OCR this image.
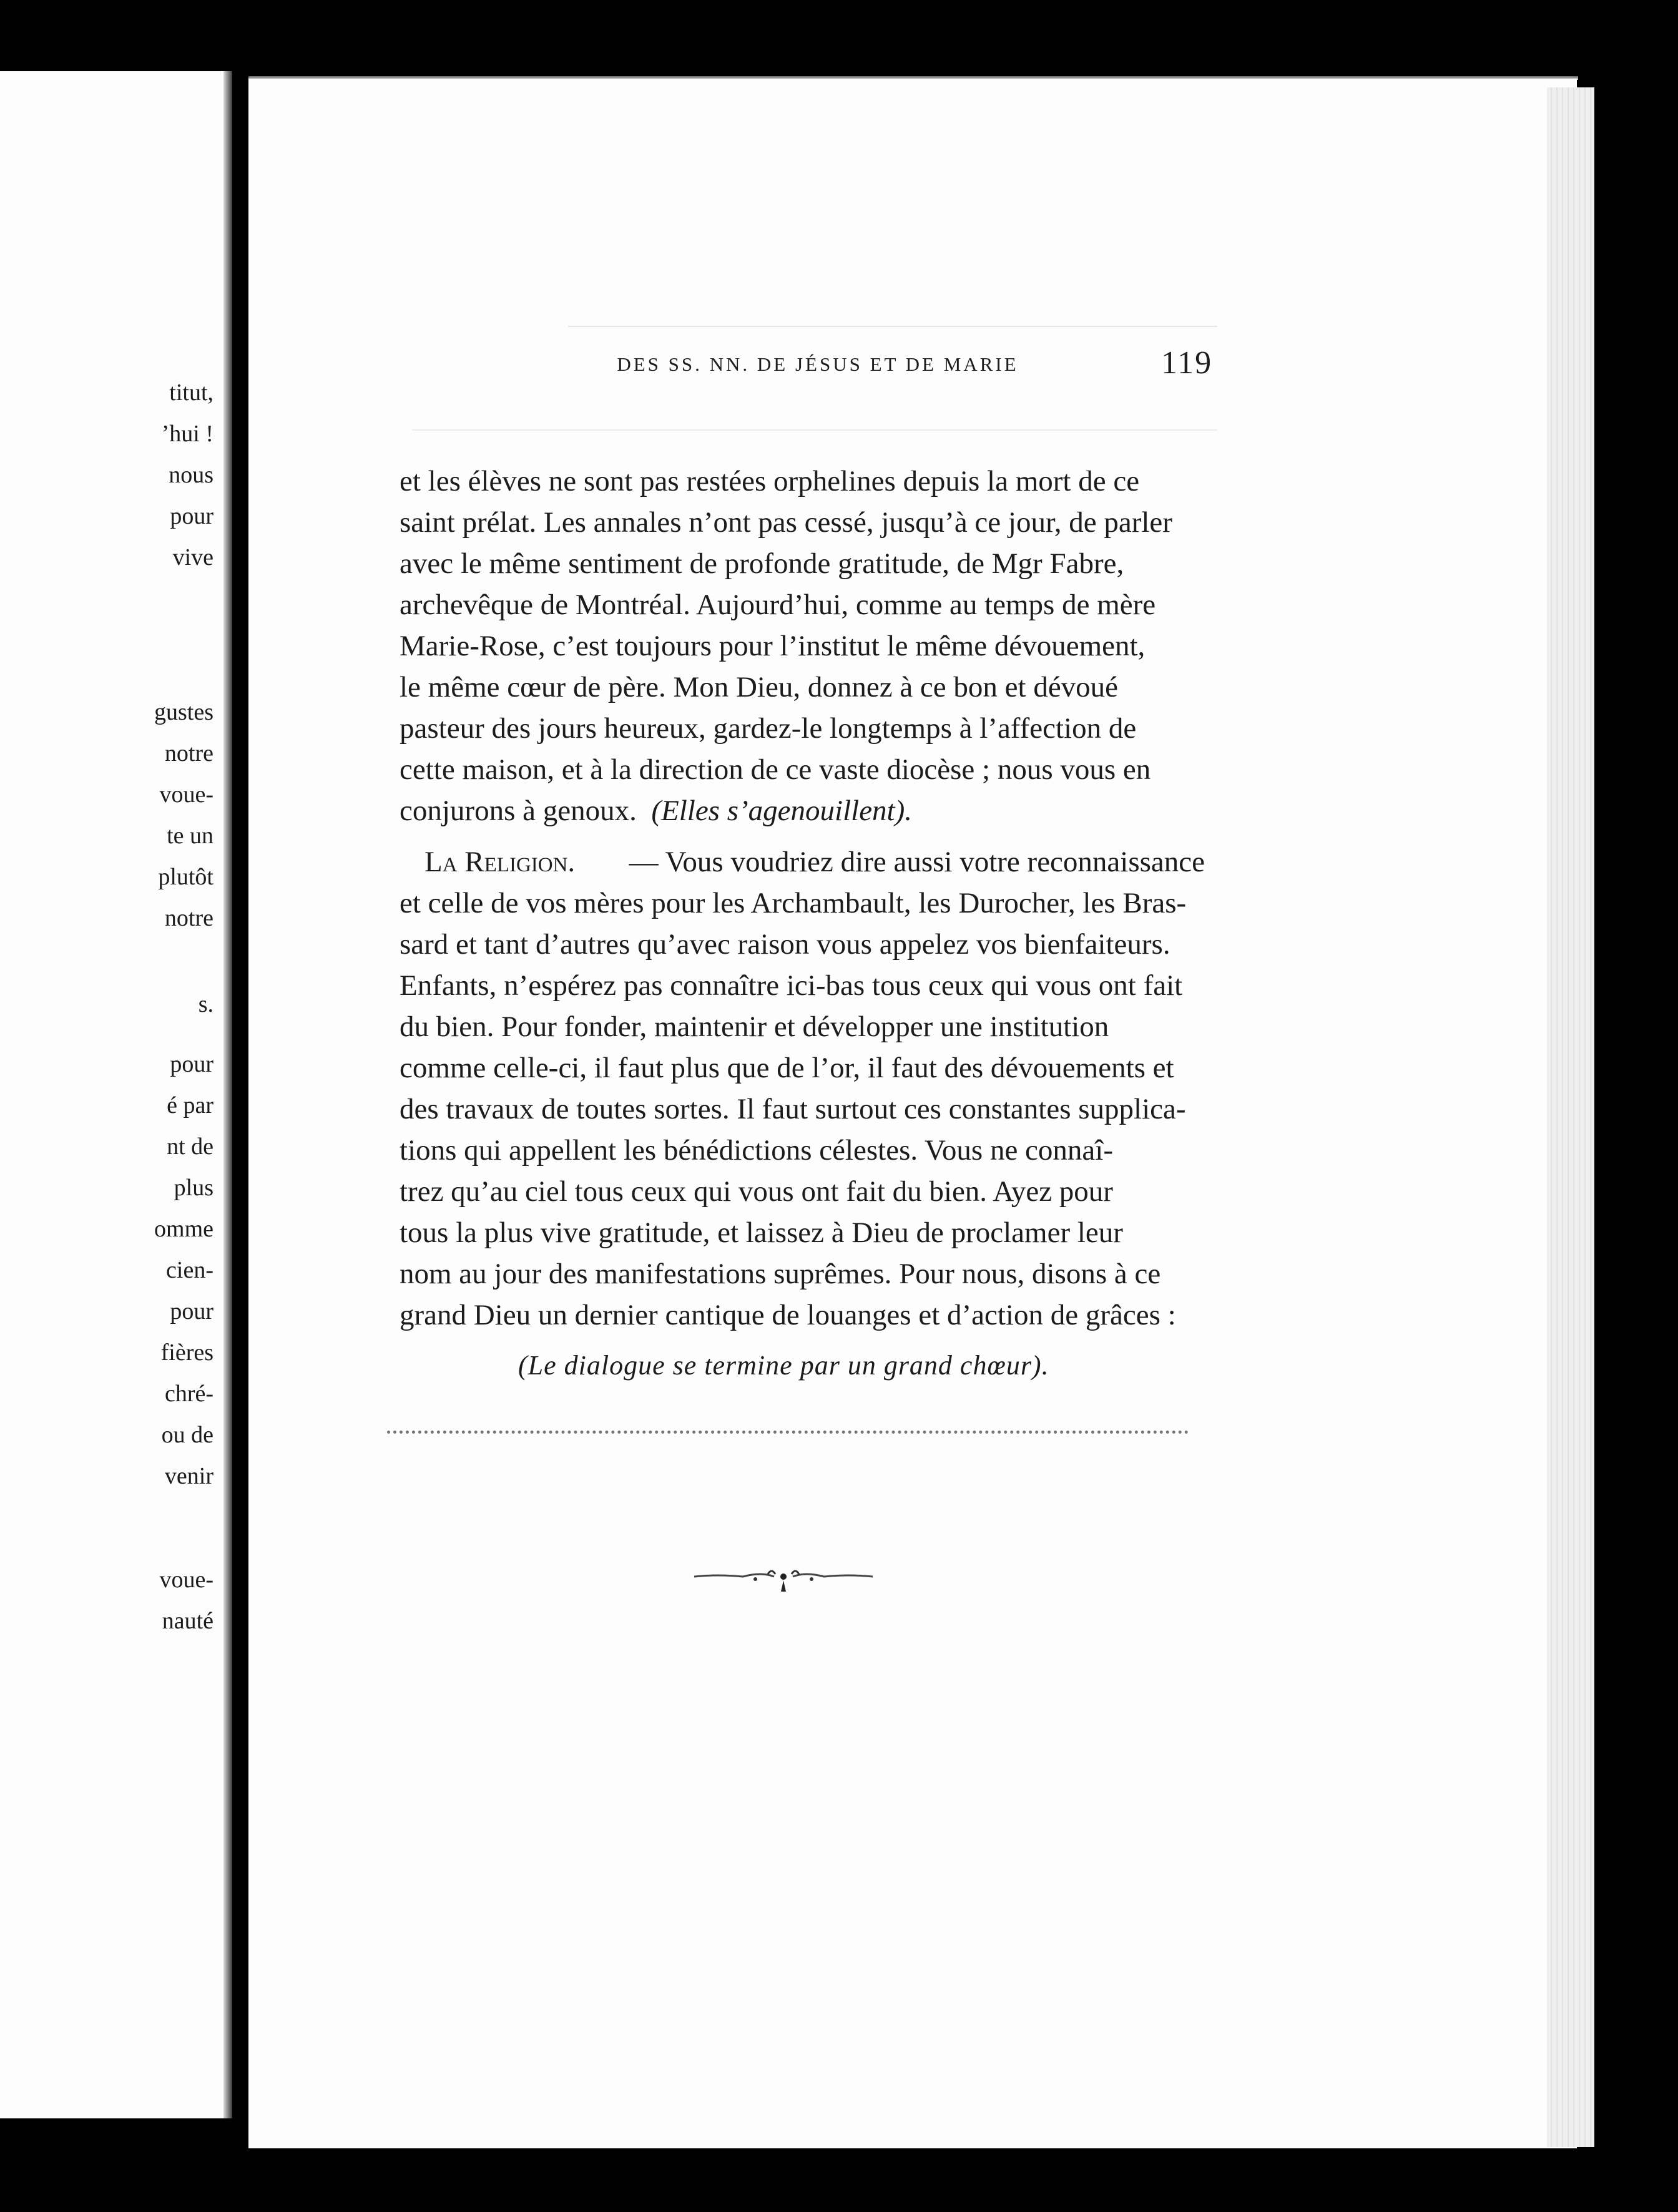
titut,
’hui !
nous
pour
vive
gustes
notre
voue-
te un
plutôt
notre
s.
pour
é par
nt de
plus
omme
cien-
pour
fières
chré-
ou de
venir
voue-
nauté
DES SS. NN. DE JÉSUS ET DE MARIE	119
et les élèves ne sont pas restées orphelines depuis la mort de ce
saint prélat. Les annales n’ont pas cessé, jusqu’à ce jour, de parler
avec le même sentiment de profonde gratitude, de Mgr Fabre,
archevêque de Montréal. Aujourd’hui, comme au temps de mère
Marie-Rose, c’est toujours pour l’institut le même dévouement,
le même cœur de père. Mon Dieu, donnez à ce bon et dévoué
pasteur des jours heureux, gardez-le longtemps à l’affection de
cette maison, et à la direction de ce vaste diocèse ; nous vous en
conjurons à genoux.
(Elles s’agenouillent).
La Religion. — Vous voudriez dire aussi votre reconnaissance
et celle de vos mères pour les Archambault, les Durocher, les Bras-
sard et tant d’autres qu’avec raison vous appelez vos bienfaiteurs.
Enfants, n’espérez pas connaître ici-bas tous ceux qui vous ont fait
du bien. Pour fonder, maintenir et développer une institution
comme celle-ci, il faut plus que de l’or, il faut des dévouements et
des travaux de toutes sortes. Il faut surtout ces constantes supplica-
tions qui appellent les bénédictions célestes. Vous ne connaî-
trez qu’au ciel tous ceux qui vous ont fait du bien. Ayez pour
tous la plus vive gratitude, et laissez à Dieu de proclamer leur
nom au jour des manifestations suprêmes. Pour nous, disons à ce
grand Dieu un dernier cantique de louanges et d’action de grâces :
(Le dialogue se termine par un grand chœur).
